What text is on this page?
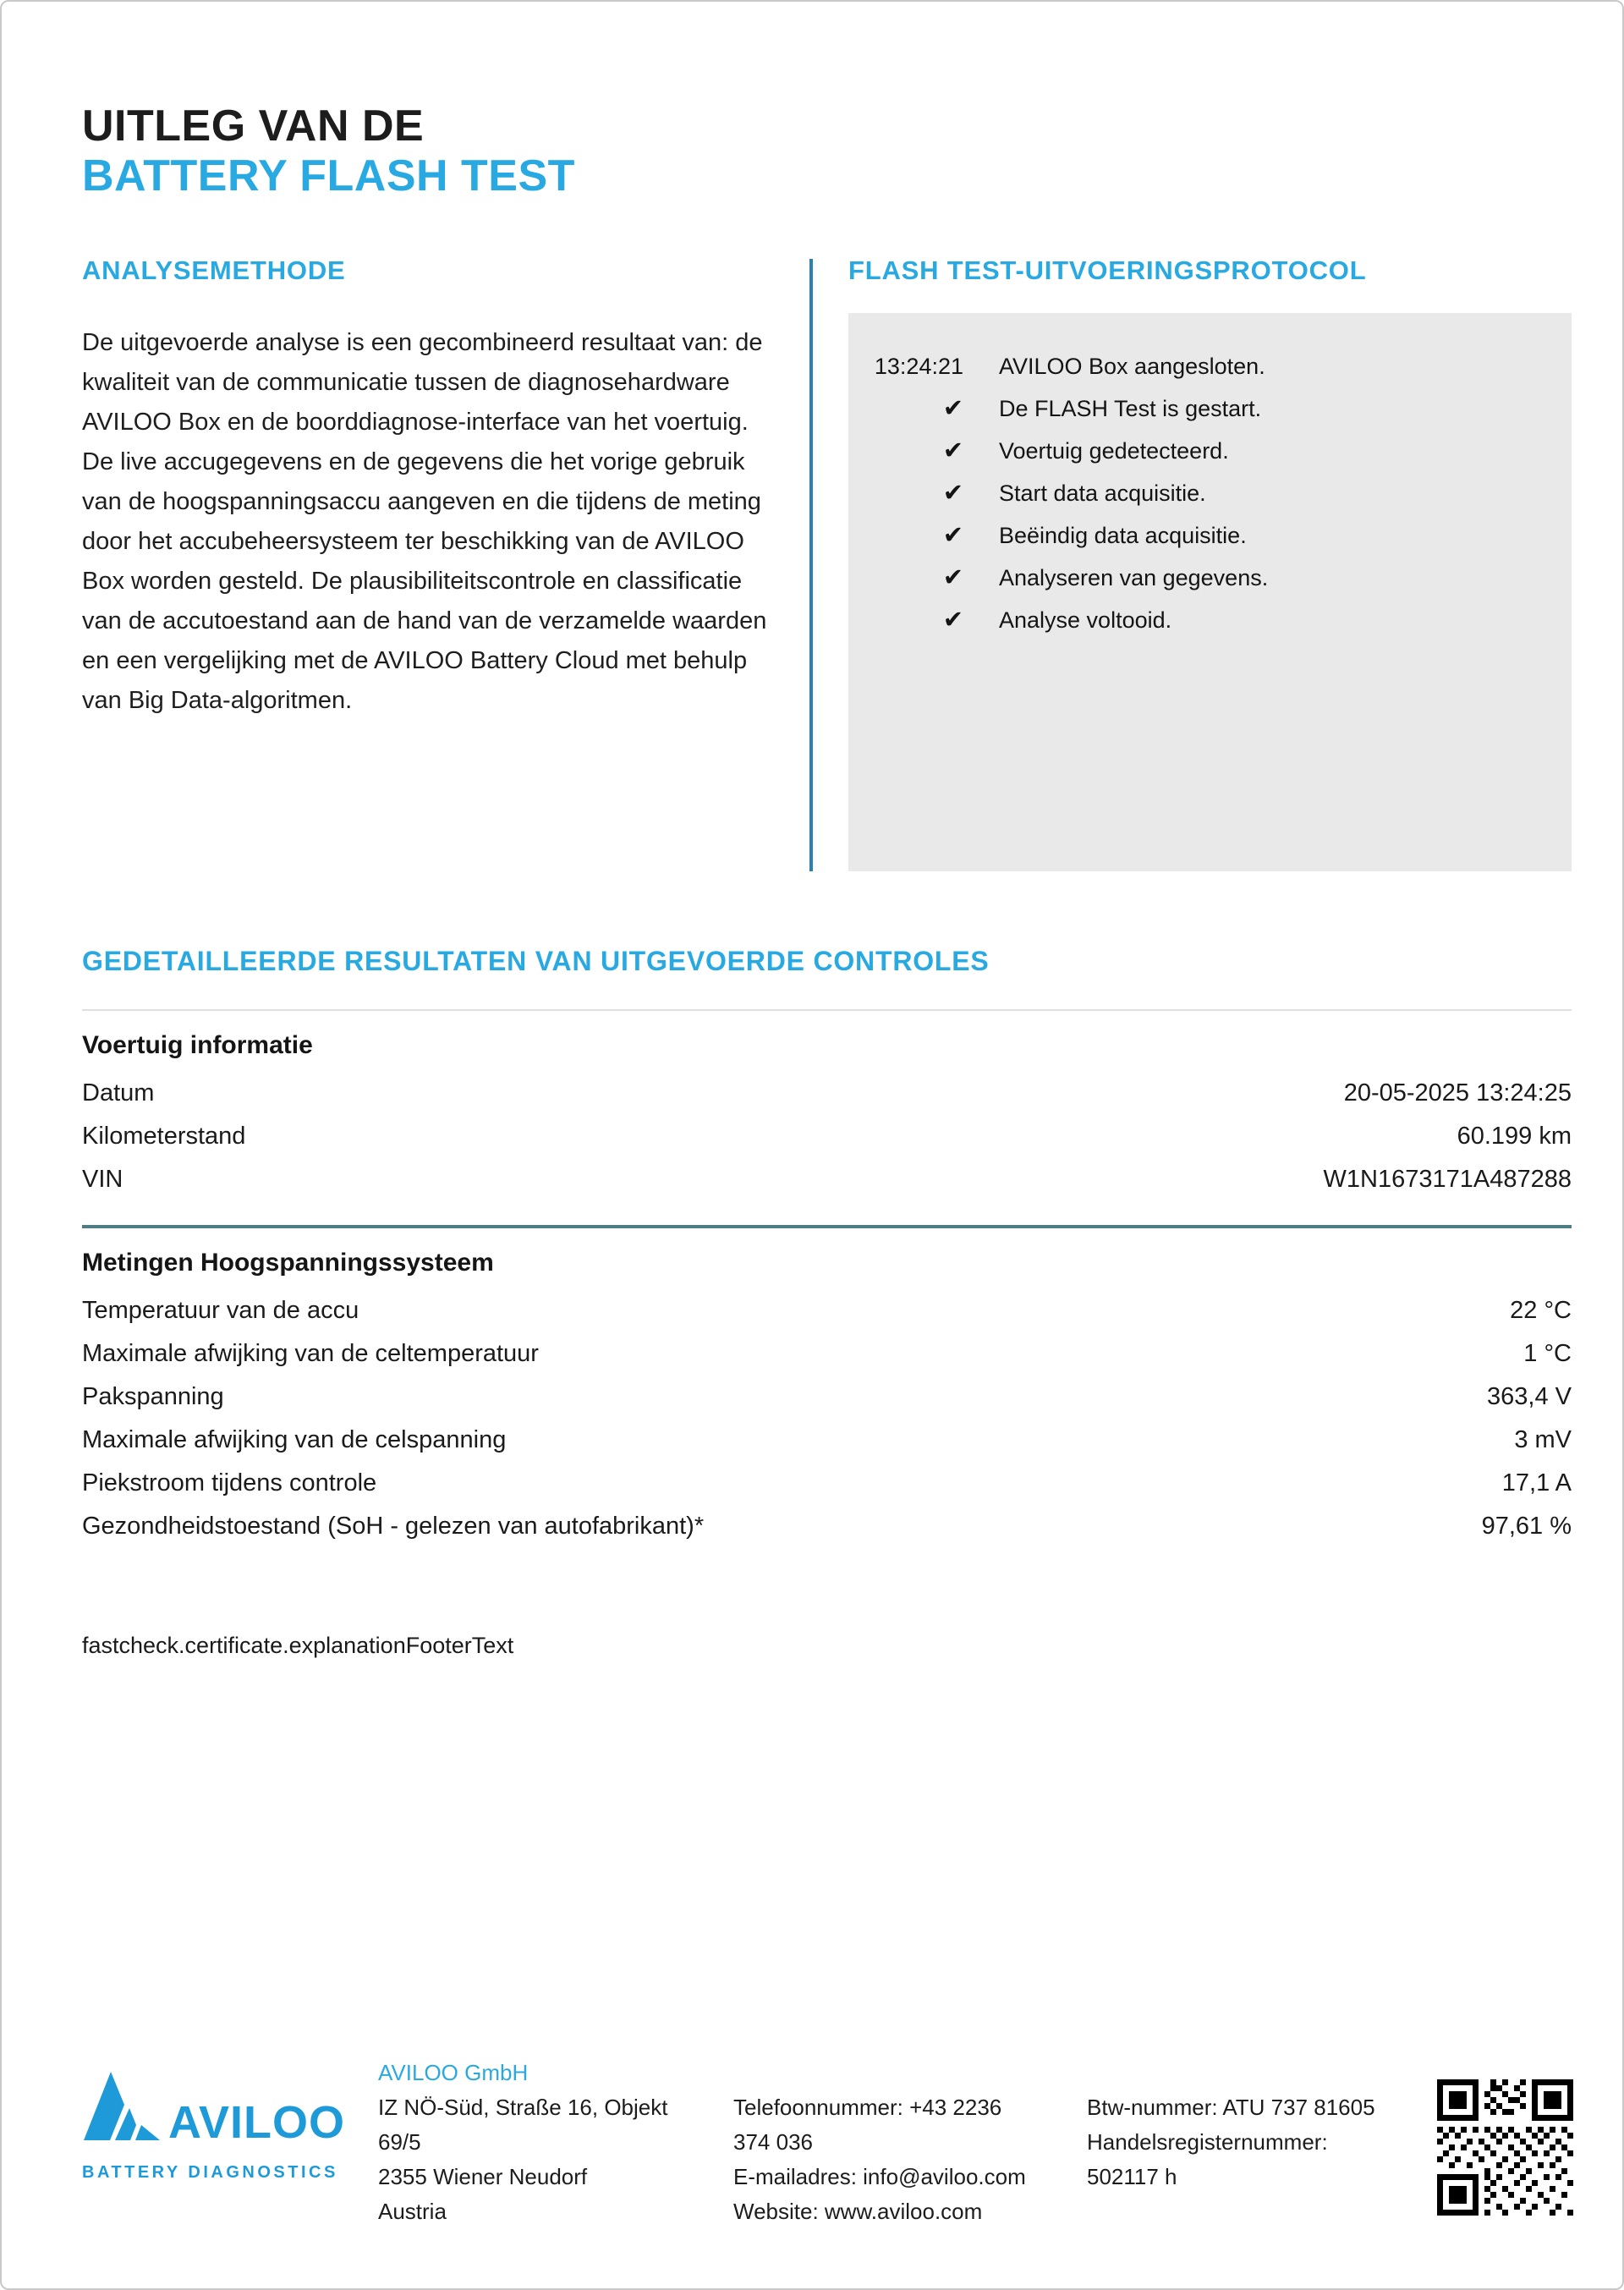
UITLEG VAN DE
BATTERY FLASH TEST
ANALYSEMETHODE

De uitgevoerde analyse is een gecombineerd resultaat van: de kwaliteit van de communicatie tussen de diagnosehardware AVILOO Box en de boorddiagnose-interface van het voertuig. De live accugegevens en de gegevens die het vorige gebruik van de hoogspanningsaccu aangeven en die tijdens de meting door het accubeheersysteem ter beschikking van de AVILOO Box worden gesteld. De plausibiliteitscontrole en classificatie van de accutoestand aan de hand van de verzamelde waarden en een vergelijking met de AVILOO Battery Cloud met behulp van Big Data-algoritmen.

FLASH TEST-UITVOERINGSPROTOCOL
13:24:21 AVILOO Box aangesloten.
✔ De FLASH Test is gestart.
✔ Voertuig gedetecteerd.
✔ Start data acquisitie.
✔ Beëindig data acquisitie.
✔ Analyseren van gegevens.
✔ Analyse voltooid.
GEDETAILLEERDE RESULTATEN VAN UITGEVOERDE CONTROLES
Voertuig informatie
Datum	20-05-2025 13:24:25
Kilometerstand	60.199 km
VIN	W1N1673171A487288
Metingen Hoogspanningssysteem
Temperatuur van de accu	22 °C
Maximale afwijking van de celtemperatuur	1 °C
Pakspanning	363,4 V
Maximale afwijking van de celspanning	3 mV
Piekstroom tijdens controle	17,1 A
Gezondheidstoestand (SoH - gelezen van autofabrikant)*	97,61 %

fastcheck.certificate.explanationFooterText

AVILOO
BATTERY DIAGNOSTICS
AVILOO GmbH
IZ NÖ-Süd, Straße 16, Objekt 69/5
2355 Wiener Neudorf
Austria
Telefoonnummer: +43 2236 374 036
E-mailadres: info@aviloo.com
Website: www.aviloo.com
Btw-nummer: ATU 737 81605
Handelsregisternummer: 502117 h
